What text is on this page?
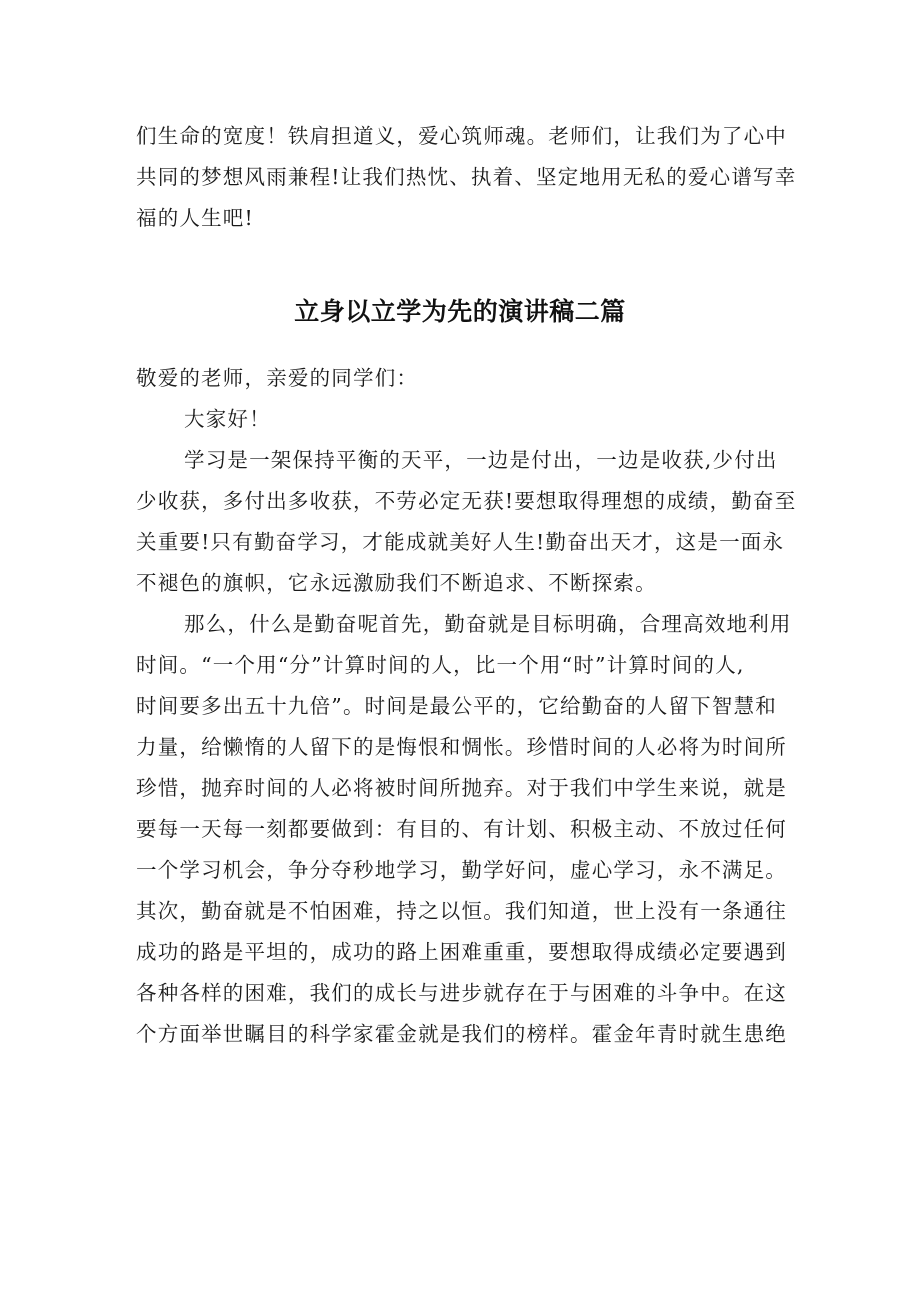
们生命的宽度！铁肩担道义，爱心筑师魂。老师们，让我们为了心中
共同的梦想风雨兼程!让我们热忱、执着、坚定地用无私的爱心谱写幸
福的人生吧!
立身以立学为先的演讲稿二篇
敬爱的老师，亲爱的同学们：
大家好！
学习是一架保持平衡的天平，一边是付出，一边是收获,少付出
少收获，多付出多收获，不劳必定无获!要想取得理想的成绩，勤奋至
关重要!只有勤奋学习，才能成就美好人生!勤奋出天才，这是一面永
不褪色的旗帜，它永远激励我们不断追求、不断探索。
那么，什么是勤奋呢首先，勤奋就是目标明确，合理高效地利用
时间。“一个用“分”计算时间的人，比一个用“时”计算时间的人,
时间要多出五十九倍”。时间是最公平的，它给勤奋的人留下智慧和
力量，给懒惰的人留下的是悔恨和惆怅。珍惜时间的人必将为时间所
珍惜，抛弃时间的人必将被时间所抛弃。对于我们中学生来说，就是
要每一天每一刻都要做到：有目的、有计划、积极主动、不放过任何
一个学习机会，争分夺秒地学习，勤学好问，虚心学习，永不满足。
其次，勤奋就是不怕困难，持之以恒。我们知道，世上没有一条通往
成功的路是平坦的，成功的路上困难重重，要想取得成绩必定要遇到
各种各样的困难，我们的成长与进步就存在于与困难的斗争中。在这
个方面举世瞩目的科学家霍金就是我们的榜样。霍金年青时就生患绝
